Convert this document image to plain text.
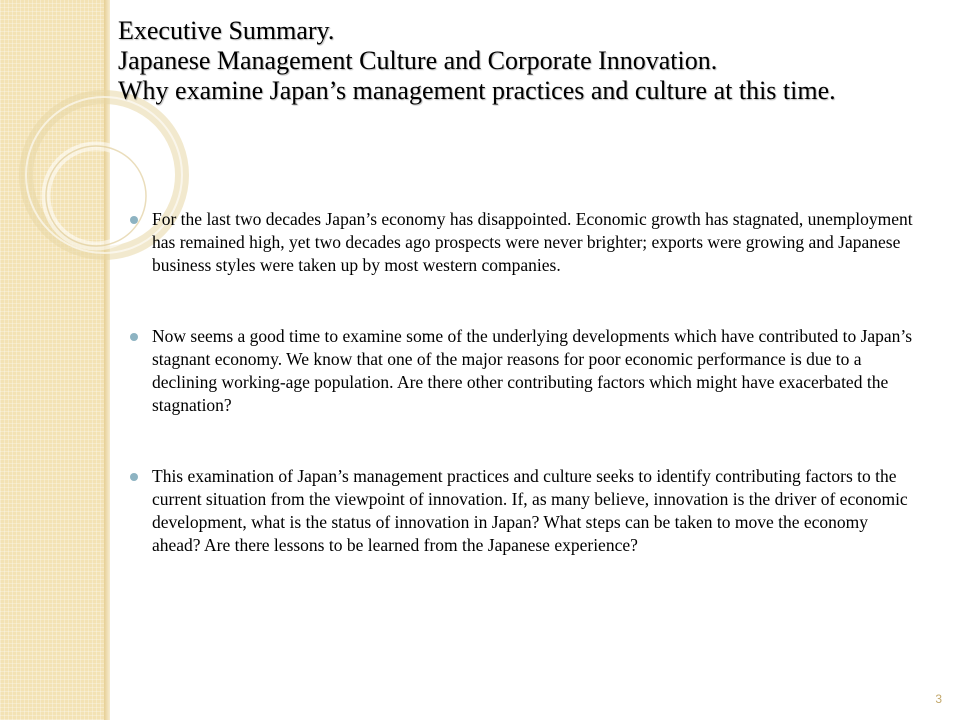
Executive Summary.
Japanese Management Culture and Corporate Innovation.
Why examine Japan’s management practices and culture at this time.
For the last two decades Japan’s economy has disappointed. Economic growth has stagnated, unemployment has remained high, yet two decades ago prospects were never brighter; exports were growing and Japanese business styles were taken up by most western companies.
Now seems a good time to examine some of the underlying developments which have contributed to Japan’s stagnant economy. We know that one of the major reasons for poor economic performance is due to a declining working-age population. Are there other contributing factors which might have exacerbated the stagnation?
This examination of Japan’s management practices and culture seeks to identify contributing factors to the current situation from the viewpoint of innovation. If, as many believe, innovation is the driver of economic development, what is the status of innovation in Japan? What steps can be taken to move the economy ahead? Are there lessons to be learned from the Japanese experience?
3
